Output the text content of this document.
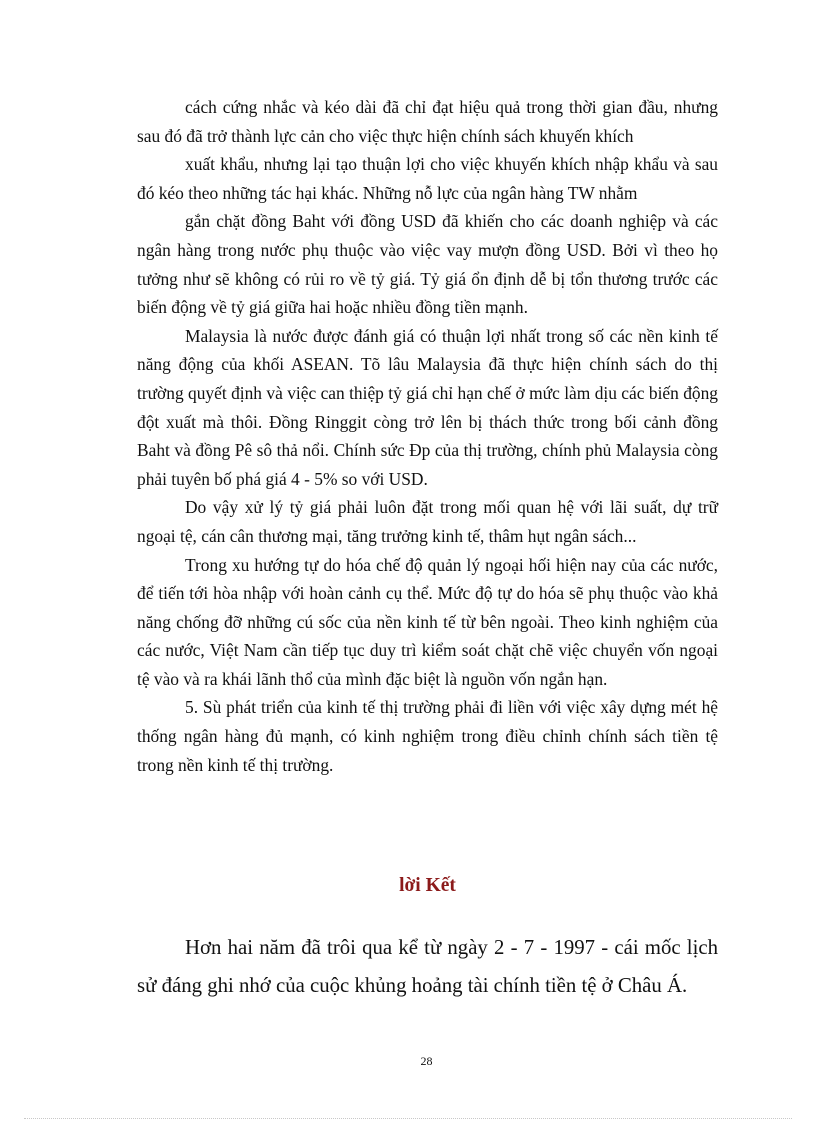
cách cứng nhắc và kéo dài đã chỉ đạt hiệu quả trong thời gian đầu, nhưng sau đó đã trở thành lực cản cho việc thực hiện chính sách khuyến khích

xuất khẩu, nhưng lại tạo thuận lợi cho việc khuyến khích nhập khẩu và sau đó kéo theo những tác hại khác. Những nỗ lực của ngân hàng TW nhằm

gắn chặt đồng Baht với đồng USD đã khiến cho các doanh nghiệp và các ngân hàng trong nước phụ thuộc vào việc vay mượn đồng USD. Bởi vì theo họ tưởng như sẽ không có rủi ro về tỷ giá. Tỷ giá ổn định dễ bị tổn thương trước các biến động về tỷ giá giữa hai hoặc nhiều đồng tiền mạnh.

Malaysia là nước được đánh giá có thuận lợi nhất trong số các nền kinh tế năng động của khối ASEAN. Tõ lâu Malaysia đã thực hiện chính sách do thị trường quyết định và việc can thiệp tỷ giá chỉ hạn chế ở mức làm dịu các biến động đột xuất mà thôi. Đồng Ringgit còng trở lên bị thách thức trong bối cảnh đồng Baht và đồng Pê sô thả nổi. Chính sức Đp của thị trường, chính phủ Malaysia còng phải tuyên bố phá giá 4 - 5% so với USD.

Do vậy xử lý tỷ giá phải luôn đặt trong mối quan hệ với lãi suất, dự trữ ngoại tệ, cán cân thương mại, tăng trưởng kinh tế, thâm hụt ngân sách...

Trong xu hướng tự do hóa chế độ quản lý ngoại hối hiện nay của các nước, để tiến tới hòa nhập với hoàn cảnh cụ thể. Mức độ tự do hóa sẽ phụ thuộc vào khả năng chống đỡ những cú sốc của nền kinh tế từ bên ngoài. Theo kinh nghiệm của các nước, Việt Nam cần tiếp tục duy trì kiểm soát chặt chẽ việc chuyển vốn ngoại tệ vào và ra khái lãnh thổ của mình đặc biệt là nguồn vốn ngắn hạn.

5. Sù phát triển của kinh tế thị trường phải đi liền với việc xây dựng mét hệ thống ngân hàng đủ mạnh, có kinh nghiệm trong điều chỉnh chính sách tiền tệ trong nền kinh tế thị trường.

lời Kết

Hơn hai năm đã trôi qua kể từ ngày 2 - 7 - 1997 - cái mốc lịch sử đáng ghi nhớ của cuộc khủng hoảng tài chính tiền tệ ở Châu Á.

28
